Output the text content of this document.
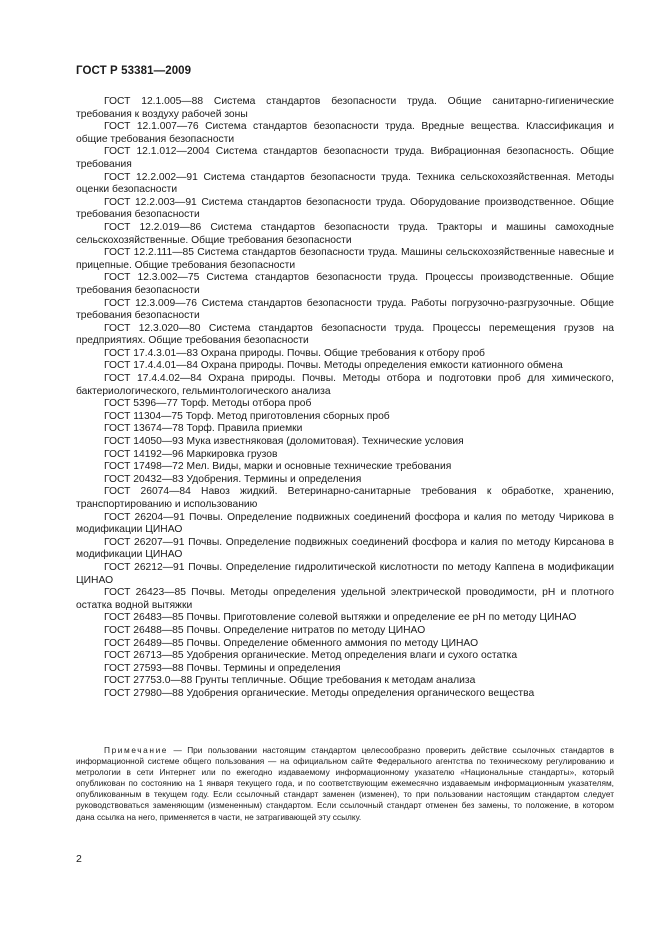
ГОСТ Р 53381—2009

ГОСТ 12.1.005—88 Система стандартов безопасности труда. Общие санитарно-гигиенические требования к воздуху рабочей зоны

ГОСТ 12.1.007—76 Система стандартов безопасности труда. Вредные вещества. Классификация и общие требования безопасности

ГОСТ 12.1.012—2004 Система стандартов безопасности труда. Вибрационная безопасность. Общие требования

ГОСТ 12.2.002—91 Система стандартов безопасности труда. Техника сельскохозяйственная. Методы оценки безопасности

ГОСТ 12.2.003—91 Система стандартов безопасности труда. Оборудование производственное. Общие требования безопасности

ГОСТ 12.2.019—86 Система стандартов безопасности труда. Тракторы и машины самоходные сельскохозяйственные. Общие требования безопасности

ГОСТ 12.2.111—85 Система стандартов безопасности труда. Машины сельскохозяйственные навесные и прицепные. Общие требования безопасности

ГОСТ 12.3.002—75 Система стандартов безопасности труда. Процессы производственные. Общие требования безопасности

ГОСТ 12.3.009—76 Система стандартов безопасности труда. Работы погрузочно-разгрузочные. Общие требования безопасности

ГОСТ 12.3.020—80 Система стандартов безопасности труда. Процессы перемещения грузов на предприятиях. Общие требования безопасности

ГОСТ 17.4.3.01—83 Охрана природы. Почвы. Общие требования к отбору проб

ГОСТ 17.4.4.01—84 Охрана природы. Почвы. Методы определения емкости катионного обмена

ГОСТ 17.4.4.02—84 Охрана природы. Почвы. Методы отбора и подготовки проб для химического, бактериологического, гельминтологического анализа

ГОСТ 5396—77 Торф. Методы отбора проб

ГОСТ 11304—75 Торф. Метод приготовления сборных проб

ГОСТ 13674—78 Торф. Правила приемки

ГОСТ 14050—93 Мука известняковая (доломитовая). Технические условия

ГОСТ 14192—96 Маркировка грузов

ГОСТ 17498—72 Мел. Виды, марки и основные технические требования

ГОСТ 20432—83 Удобрения. Термины и определения

ГОСТ 26074—84 Навоз жидкий. Ветеринарно-санитарные требования к обработке, хранению, транспортированию и использованию

ГОСТ 26204—91 Почвы. Определение подвижных соединений фосфора и калия по методу Чирикова в модификации ЦИНАО

ГОСТ 26207—91 Почвы. Определение подвижных соединений фосфора и калия по методу Кирсанова в модификации ЦИНАО

ГОСТ 26212—91 Почвы. Определение гидролитической кислотности по методу Каппена в модификации ЦИНАО

ГОСТ 26423—85 Почвы. Методы определения удельной электрической проводимости, pH и плотного остатка водной вытяжки

ГОСТ 26483—85 Почвы. Приготовление солевой вытяжки и определение ее pH по методу ЦИНАО

ГОСТ 26488—85 Почвы. Определение нитратов по методу ЦИНАО

ГОСТ 26489—85 Почвы. Определение обменного аммония по методу ЦИНАО

ГОСТ 26713—85 Удобрения органические. Метод определения влаги и сухого остатка

ГОСТ 27593—88 Почвы. Термины и определения

ГОСТ 27753.0—88 Грунты тепличные. Общие требования к методам анализа

ГОСТ 27980—88 Удобрения органические. Методы определения органического вещества

Примечание — При пользовании настоящим стандартом целесообразно проверить действие ссылочных стандартов в информационной системе общего пользования — на официальном сайте Федерального агентства по техническому регулированию и метрологии в сети Интернет или по ежегодно издаваемому информационному указателю «Национальные стандарты», который опубликован по состоянию на 1 января текущего года, и по соответствующим ежемесячно издаваемым информационным указателям, опубликованным в текущем году. Если ссылочный стандарт заменен (изменен), то при пользовании настоящим стандартом следует руководствоваться заменяющим (измененным) стандартом. Если ссылочный стандарт отменен без замены, то положение, в котором дана ссылка на него, применяется в части, не затрагивающей эту ссылку.
2
